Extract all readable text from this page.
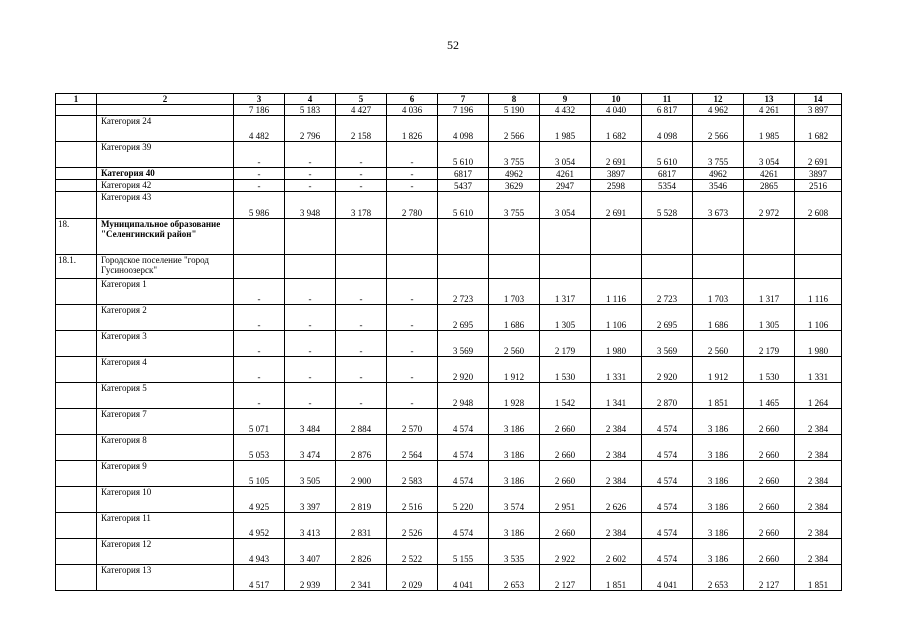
52
1	2	3	4	5	6	7	8	9	10	11	12	13	14
		7 186	5 183	4 427	4 036	7 196	5 190	4 432	4 040	6 817	4 962	4 261	3 897
	Категория 24	4 482	2 796	2 158	1 826	4 098	2 566	1 985	1 682	4 098	2 566	1 985	1 682
	Категория 39	-	-	-	-	5 610	3 755	3 054	2 691	5 610	3 755	3 054	2 691
	Категория 40	-	-	-	-	6817	4962	4261	3897	6817	4962	4261	3897
	Категория 42	-	-	-	-	5437	3629	2947	2598	5354	3546	2865	2516
	Категория 43	5 986	3 948	3 178	2 780	5 610	3 755	3 054	2 691	5 528	3 673	2 972	2 608
18.	Муниципальное образование "Селенгинский район"												
18.1.	Городское поселение "город Гусиноозерск"												
	Категория 1	-	-	-	-	2 723	1 703	1 317	1 116	2 723	1 703	1 317	1 116
	Категория 2	-	-	-	-	2 695	1 686	1 305	1 106	2 695	1 686	1 305	1 106
	Категория 3	-	-	-	-	3 569	2 560	2 179	1 980	3 569	2 560	2 179	1 980
	Категория 4	-	-	-	-	2 920	1 912	1 530	1 331	2 920	1 912	1 530	1 331
	Категория 5	-	-	-	-	2 948	1 928	1 542	1 341	2 870	1 851	1 465	1 264
	Категория 7	5 071	3 484	2 884	2 570	4 574	3 186	2 660	2 384	4 574	3 186	2 660	2 384
	Категория 8	5 053	3 474	2 876	2 564	4 574	3 186	2 660	2 384	4 574	3 186	2 660	2 384
	Категория 9	5 105	3 505	2 900	2 583	4 574	3 186	2 660	2 384	4 574	3 186	2 660	2 384
	Категория 10	4 925	3 397	2 819	2 516	5 220	3 574	2 951	2 626	4 574	3 186	2 660	2 384
	Категория 11	4 952	3 413	2 831	2 526	4 574	3 186	2 660	2 384	4 574	3 186	2 660	2 384
	Категория 12	4 943	3 407	2 826	2 522	5 155	3 535	2 922	2 602	4 574	3 186	2 660	2 384
	Категория 13	4 517	2 939	2 341	2 029	4 041	2 653	2 127	1 851	4 041	2 653	2 127	1 851
